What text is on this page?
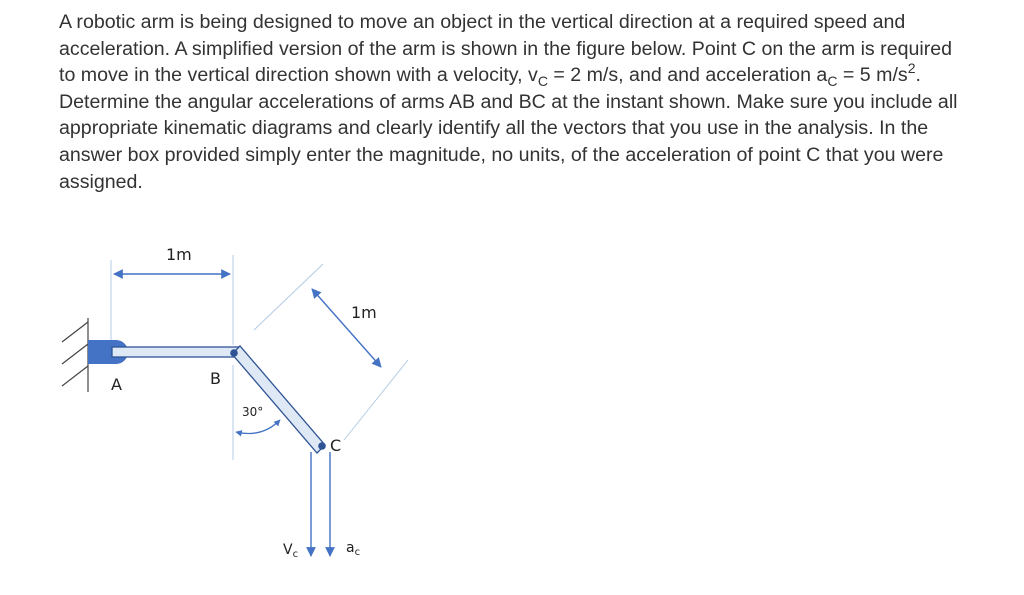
A robotic arm is being designed to move an object in the vertical direction at a required speed and acceleration. A simplified version of the arm is shown in the figure below. Point C on the arm is required to move in the vertical direction shown with a velocity, $v_C = 2$ m/s, and and acceleration $a_C = 5$ $m/s^2$. Determine the angular accelerations of arms AB and BC at the instant shown. Make sure you include all appropriate kinematic diagrams and clearly identify all the vectors that you use in the analysis. In the answer box provided simply enter the magnitude, no units, of the acceleration of point C that you were assigned.

1m
1m
A	B
C
30°
$V_c$	$a_c$
